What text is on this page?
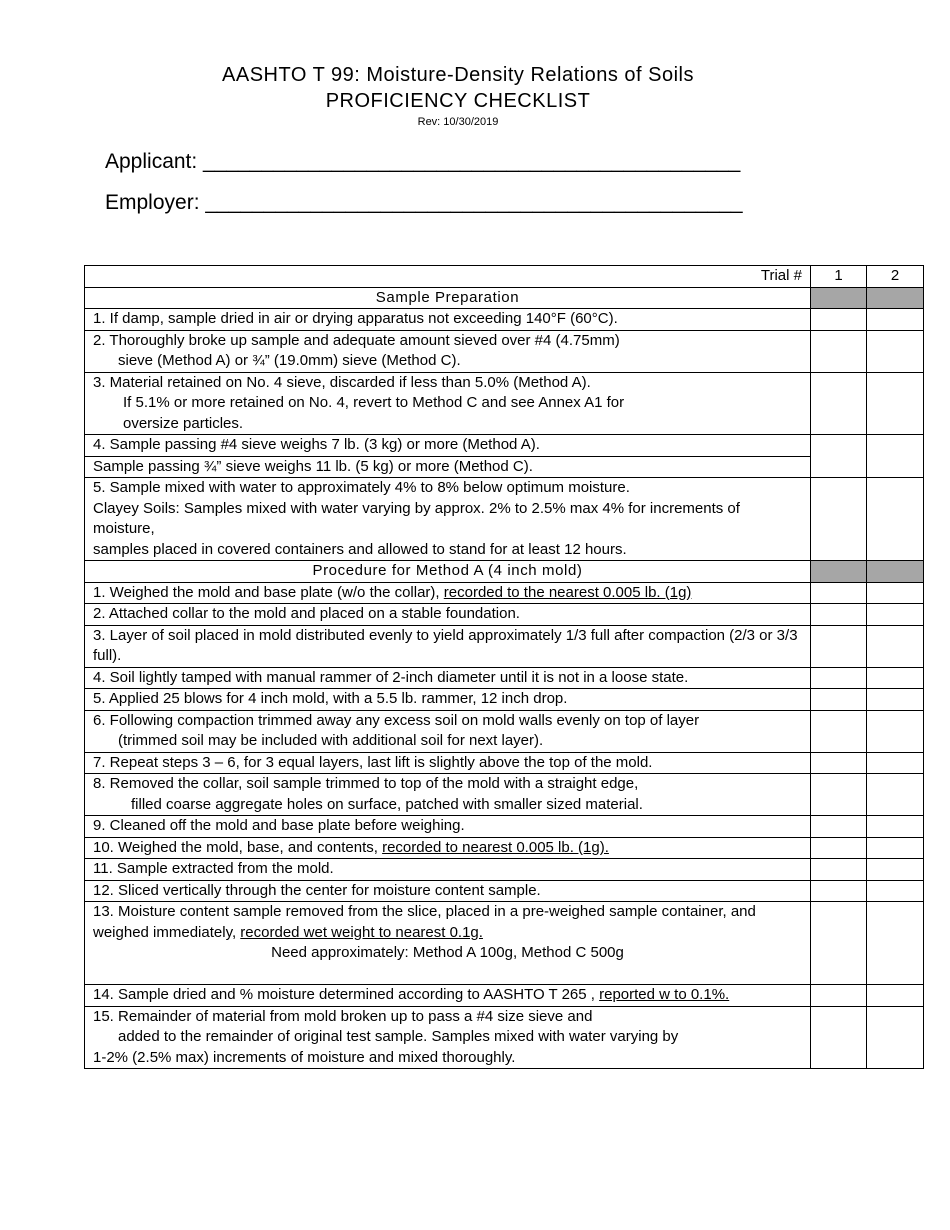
AASHTO T 99: Moisture-Density Relations of Soils
PROFICIENCY CHECKLIST
Rev: 10/30/2019
Applicant: ______________________________________________
Employer: ______________________________________________
Trial #	1	2
Sample Preparation		
1. If damp, sample dried in air or drying apparatus not exceeding 140°F (60°C).		

2. Thoroughly broke up sample and adequate amount sieved over #4 (4.75mm)
sieve (Method A) or ¾” (19.0mm) sieve (Method C).		

3. Material retained on No. 4 sieve, discarded if less than 5.0% (Method A).
If 5.1% or more retained on No. 4, revert to Method C and see Annex A1 for
oversize particles.		

4. Sample passing #4 sieve weighs 7 lb. (3 kg) or more (Method A).		
Sample passing ¾” sieve weighs 11 lb. (5 kg) or more (Method C).		

5. Sample mixed with water to approximately 4% to 8% below optimum moisture.
Clayey Soils: Samples mixed with water varying by approx. 2% to 2.5% max 4% for increments of moisture,
samples placed in covered containers and allowed to stand for at least 12 hours.		

Procedure for Method A (4 inch mold)		
1. Weighed the mold and base plate (w/o the collar), recorded to the nearest 0.005 lb. (1g)		
2. Attached collar to the mold and placed on a stable foundation.		
3. Layer of soil placed in mold distributed evenly to yield approximately 1/3 full after compaction (2/3 or 3/3 full).		
4. Soil lightly tamped with manual rammer of 2-inch diameter until it is not in a loose state.		
5. Applied 25 blows for 4 inch mold, with a 5.5 lb. rammer, 12 inch drop.		

6. Following compaction trimmed away any excess soil on mold walls evenly on top of layer
(trimmed soil may be included with additional soil for next layer).		

7. Repeat steps 3 – 6, for 3 equal layers, last lift is slightly above the top of the mold.		

8. Removed the collar, soil sample trimmed to top of the mold with a straight edge,
filled coarse aggregate holes on surface, patched with smaller sized material.		

9. Cleaned off the mold and base plate before weighing.		
10. Weighed the mold, base, and contents, recorded to nearest 0.005 lb. (1g).		
11. Sample extracted from the mold.		
12. Sliced vertically through the center for moisture content sample.		

13. Moisture content sample removed from the slice, placed in a pre-weighed sample container, and weighed immediately, recorded wet weight to nearest 0.1g.
Need approximately: Method A 100g, Method C 500g		

14. Sample dried and % moisture determined according to AASHTO T 265 , reported w to 0.1%.		

15. Remainder of material from mold broken up to pass a #4 size sieve and
added to the remainder of original test sample. Samples mixed with water varying by
1-2% (2.5% max) increments of moisture and mixed thoroughly.		
